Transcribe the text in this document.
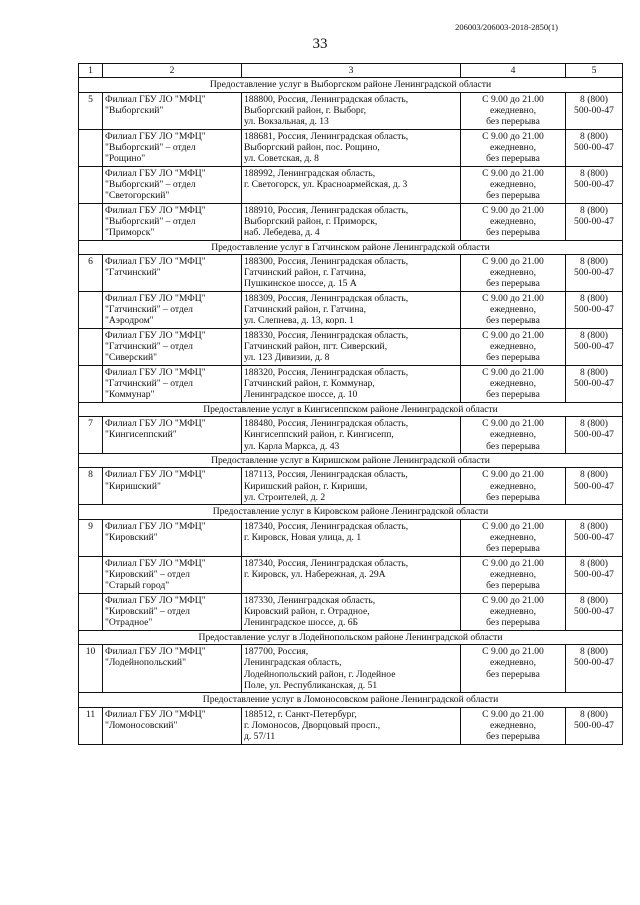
206003/206003-2018-2850(1)
33
1	2	3	4	5
Предоставление услуг в Выборгском районе Ленинградской области				
5	Филиал ГБУ ЛО "МФЦ"
"Выборгский"	188800, Россия, Ленинградская область,
Выборгский район, г. Выборг,
ул. Вокзальная, д. 13	С 9.00 до 21.00
ежедневно,
без перерыва	8 (800)
500-00-47
	Филиал ГБУ ЛО "МФЦ"
"Выборгский" – отдел
"Рощино"	188681, Россия, Ленинградская область,
Выборгский район, пос. Рощино,
ул. Советская, д. 8	С 9.00 до 21.00
ежедневно,
без перерыва	8 (800)
500-00-47
	Филиал ГБУ ЛО "МФЦ"
"Выборгский" – отдел
"Светогорский"	188992, Ленинградская область,
г. Светогорск, ул. Красноармейская, д. 3	С 9.00 до 21.00
ежедневно,
без перерыва	8 (800)
500-00-47
	Филиал ГБУ ЛО "МФЦ"
"Выборгский" – отдел
"Приморск"	188910, Россия, Ленинградская область,
Выборгский район, г. Приморск,
наб. Лебедева, д. 4	С 9.00 до 21.00
ежедневно,
без перерыва	8 (800)
500-00-47
Предоставление услуг в Гатчинском районе Ленинградской области				
6	Филиал ГБУ ЛО "МФЦ"
"Гатчинский"	188300, Россия, Ленинградская область,
Гатчинский район, г. Гатчина,
Пушкинское шоссе, д. 15 А	С 9.00 до 21.00
ежедневно,
без перерыва	8 (800)
500-00-47
	Филиал ГБУ ЛО "МФЦ"
"Гатчинский" – отдел
"Аэродром"	188309, Россия, Ленинградская область,
Гатчинский район, г. Гатчина,
ул. Слепнева, д. 13, корп. 1	С 9.00 до 21.00
ежедневно,
без перерыва	8 (800)
500-00-47
	Филиал ГБУ ЛО "МФЦ"
"Гатчинский" – отдел
"Сиверский"	188330, Россия, Ленинградская область,
Гатчинский район, пгт. Сиверский,
ул. 123 Дивизии, д. 8	С 9.00 до 21.00
ежедневно,
без перерыва	8 (800)
500-00-47
	Филиал ГБУ ЛО "МФЦ"
"Гатчинский" – отдел
"Коммунар"	188320, Россия, Ленинградская область,
Гатчинский район, г. Коммунар,
Ленинградское шоссе, д. 10	С 9.00 до 21.00
ежедневно,
без перерыва	8 (800)
500-00-47
Предоставление услуг в Кингисеппском районе Ленинградской области				
7	Филиал ГБУ ЛО "МФЦ"
"Кингисеппский"	188480, Россия, Ленинградская область,
Кингисеппский район, г. Кингисепп,
ул. Карла Маркса, д. 43	С 9.00 до 21.00
ежедневно,
без перерыва	8 (800)
500-00-47
Предоставление услуг в Киришском районе Ленинградской области				
8	Филиал ГБУ ЛО "МФЦ"
"Киришский"	187113, Россия, Ленинградская область,
Киришский район, г. Кириши,
ул. Строителей, д. 2	С 9.00 до 21.00
ежедневно,
без перерыва	8 (800)
500-00-47
Предоставление услуг в Кировском районе Ленинградской области				
9	Филиал ГБУ ЛО "МФЦ"
"Кировский"	187340, Россия, Ленинградская область,
г. Кировск, Новая улица, д. 1	С 9.00 до 21.00
ежедневно,
без перерыва	8 (800)
500-00-47
	Филиал ГБУ ЛО "МФЦ"
"Кировский" – отдел
"Старый город"	187340, Россия, Ленинградская область,
г. Кировск, ул. Набережная, д. 29А	С 9.00 до 21.00
ежедневно,
без перерыва	8 (800)
500-00-47
	Филиал ГБУ ЛО "МФЦ"
"Кировский" – отдел
"Отрадное"	187330, Ленинградская область,
Кировский район, г. Отрадное,
Ленинградское шоссе, д. 6Б	С 9.00 до 21.00
ежедневно,
без перерыва	8 (800)
500-00-47
Предоставление услуг в Лодейнопольском районе Ленинградской области				
10	Филиал ГБУ ЛО "МФЦ"
"Лодейнопольский"	187700, Россия,
Ленинградская область,
Лодейнопольский район, г. Лодейное
Поле, ул. Республиканская, д. 51	С 9.00 до 21.00
ежедневно,
без перерыва	8 (800)
500-00-47
Предоставление услуг в Ломоносовском районе Ленинградской области				
11	Филиал ГБУ ЛО "МФЦ"
"Ломоносовский"	188512, г. Санкт-Петербург,
г. Ломоносов, Дворцовый просп.,
д. 57/11	С 9.00 до 21.00
ежедневно,
без перерыва	8 (800)
500-00-47
